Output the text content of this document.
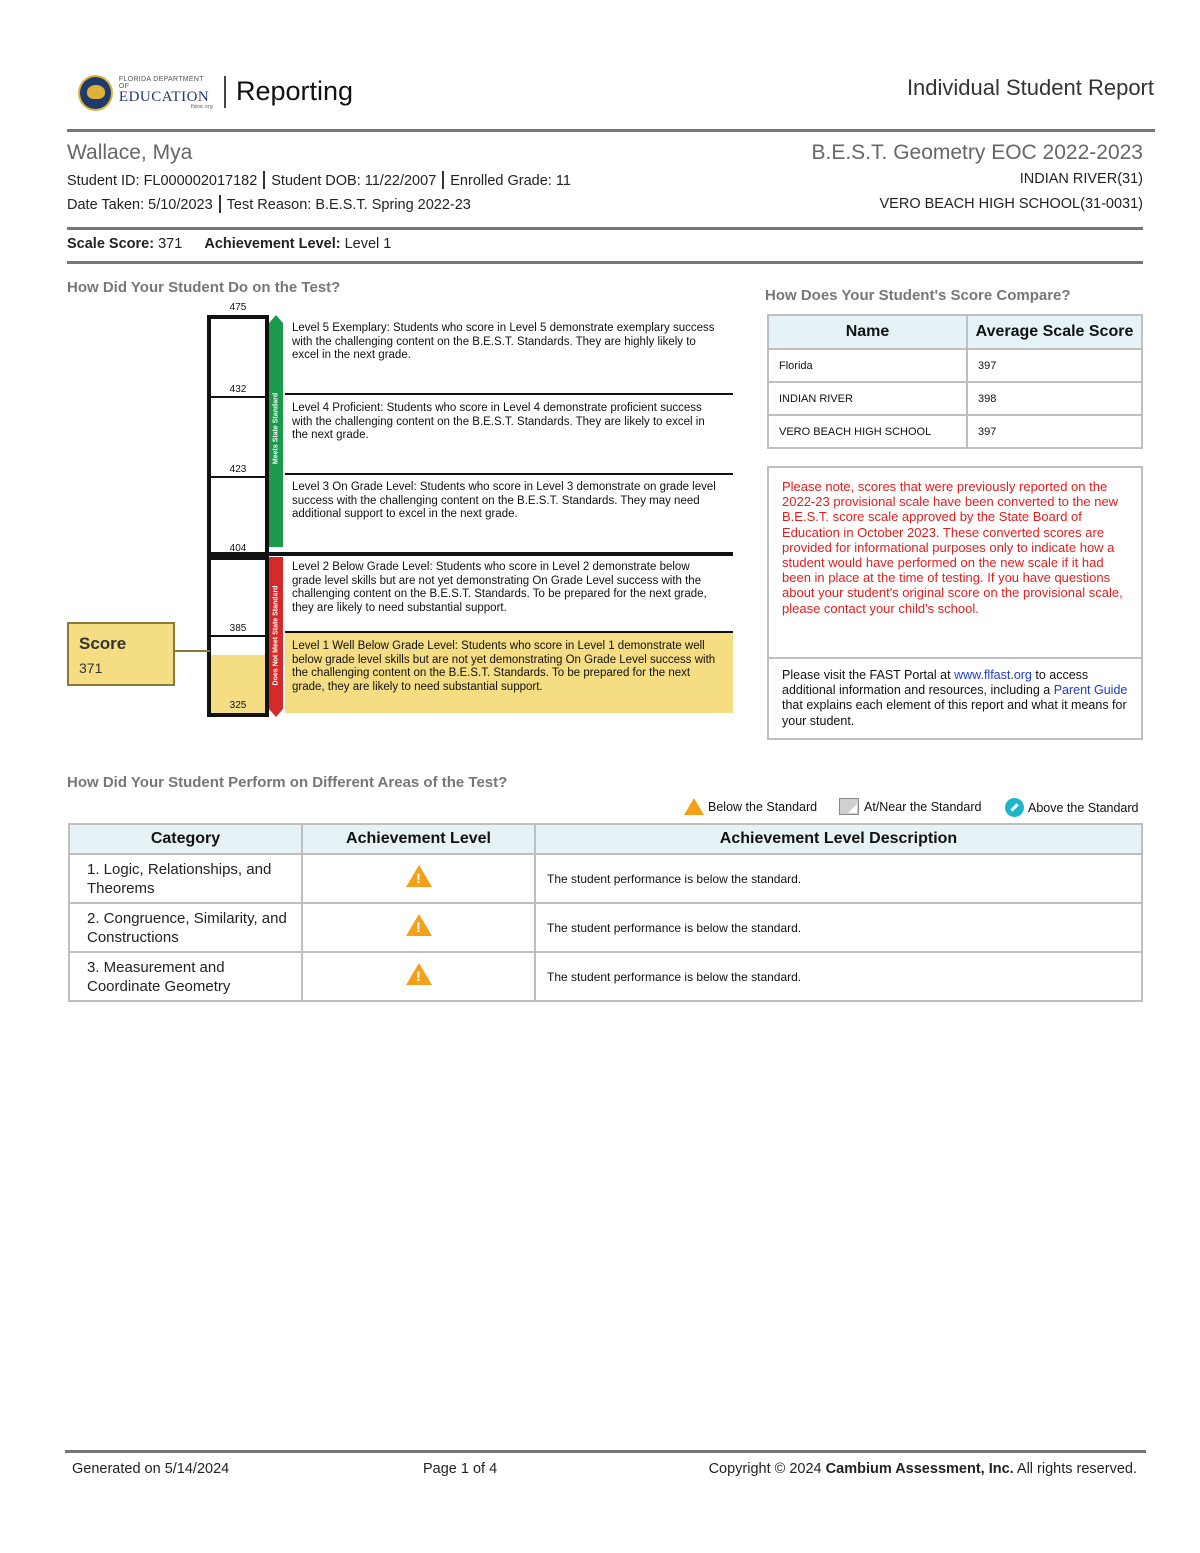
FLORIDA DEPARTMENT OF
EDUCATION
fldoe.org
Reporting	Individual Student Report
Wallace, Mya	B.E.S.T. Geometry EOC 2022-2023
Student ID: FL000002017182 Student DOB: 11/22/2007 Enrolled Grade: 11
Date Taken: 5/10/2023 Test Reason: B.E.S.T. Spring 2022-23
INDIAN RIVER(31)
VERO BEACH HIGH SCHOOL(31-0031)
Scale Score: 371 Achievement Level: Level 1
How Did Your Student Do on the Test?
475
432
423
404
385
325
Meets State Standard
Does Not Meet State Standard
Level 5 Exemplary: Students who score in Level 5 demonstrate exemplary success with the challenging content on the B.E.S.T. Standards. They are highly likely to excel in the next grade.
Level 4 Proficient: Students who score in Level 4 demonstrate proficient success with the challenging content on the B.E.S.T. Standards. They are likely to excel in the next grade.
Level 3 On Grade Level: Students who score in Level 3 demonstrate on grade level success with the challenging content on the B.E.S.T. Standards. They may need additional support to excel in the next grade.
Level 2 Below Grade Level: Students who score in Level 2 demonstrate below grade level skills but are not yet demonstrating On Grade Level success with the challenging content on the B.E.S.T. Standards. To be prepared for the next grade, they are likely to need substantial support.
Level 1 Well Below Grade Level: Students who score in Level 1 demonstrate well below grade level skills but are not yet demonstrating On Grade Level success with the challenging content on the B.E.S.T. Standards. To be prepared for the next grade, they are likely to need substantial support.
Score
371
How Does Your Student's Score Compare?
Name	Average Scale Score
Florida	397
INDIAN RIVER	398
VERO BEACH HIGH SCHOOL	397
Please note, scores that were previously reported on the 2022-23 provisional scale have been converted to the new B.E.S.T. score scale approved by the State Board of Education in October 2023. These converted scores are provided for informational purposes only to indicate how a student would have performed on the new scale if it had been in place at the time of testing. If you have questions about your student's original score on the provisional scale, please contact your child's school.
Please visit the FAST Portal at www.flfast.org to access additional information and resources, including a Parent Guide that explains each element of this report and what it means for your student.
How Did Your Student Perform on Different Areas of the Test?
Below the Standard	At/Near the Standard	Above the Standard
Category	Achievement Level	Achievement Level Description
1. Logic, Relationships, and Theorems	!	The student performance is below the standard.
2. Congruence, Similarity, and Constructions	!	The student performance is below the standard.
3. Measurement and Coordinate Geometry	!	The student performance is below the standard.
Generated on 5/14/2024	Page 1 of 4	Copyright © 2024 Cambium Assessment, Inc. All rights reserved.
